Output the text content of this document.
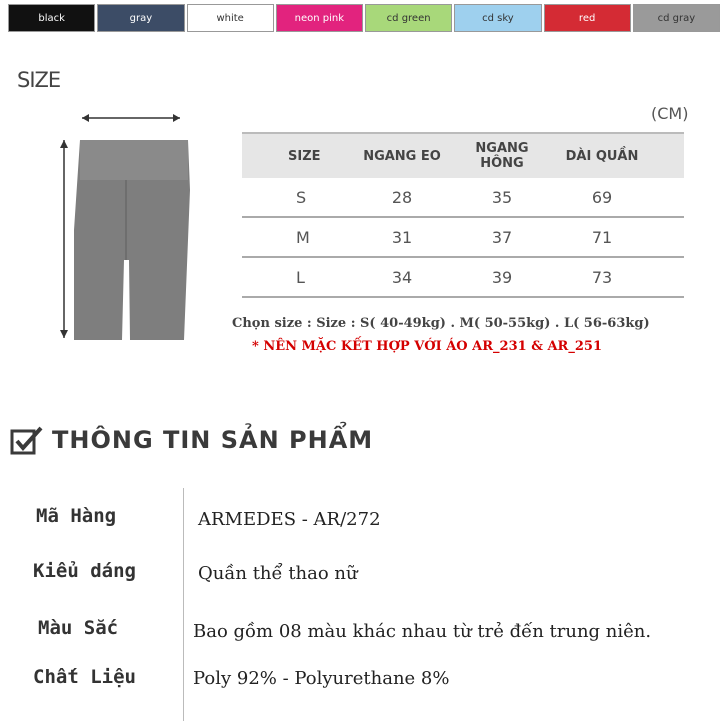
black	gray	white	neon pink	cd green	cd sky	red	cd gray
SIZE
(CM)
SIZE	NGANG EO	NGANG HÔNG	DÀI QUẦN
S	28	35	69
M	31	37	71
L	34	39	73
Chọn size : Size : S( 40-49kg) . M( 50-55kg) . L( 56-63kg)
* NÊN MẶC KẾT HỢP VỚI ÁO AR_231 & AR_251
THÔNG TIN SẢN PHẨM
Mã Hàng	ARMEDES - AR/272
Kiểu dáng	Quần thể thao nữ
Màu Sắc	Bao gồm 08 màu khác nhau từ trẻ đến trung niên.
Chất Liệu	Poly 92% - Polyurethane 8%
